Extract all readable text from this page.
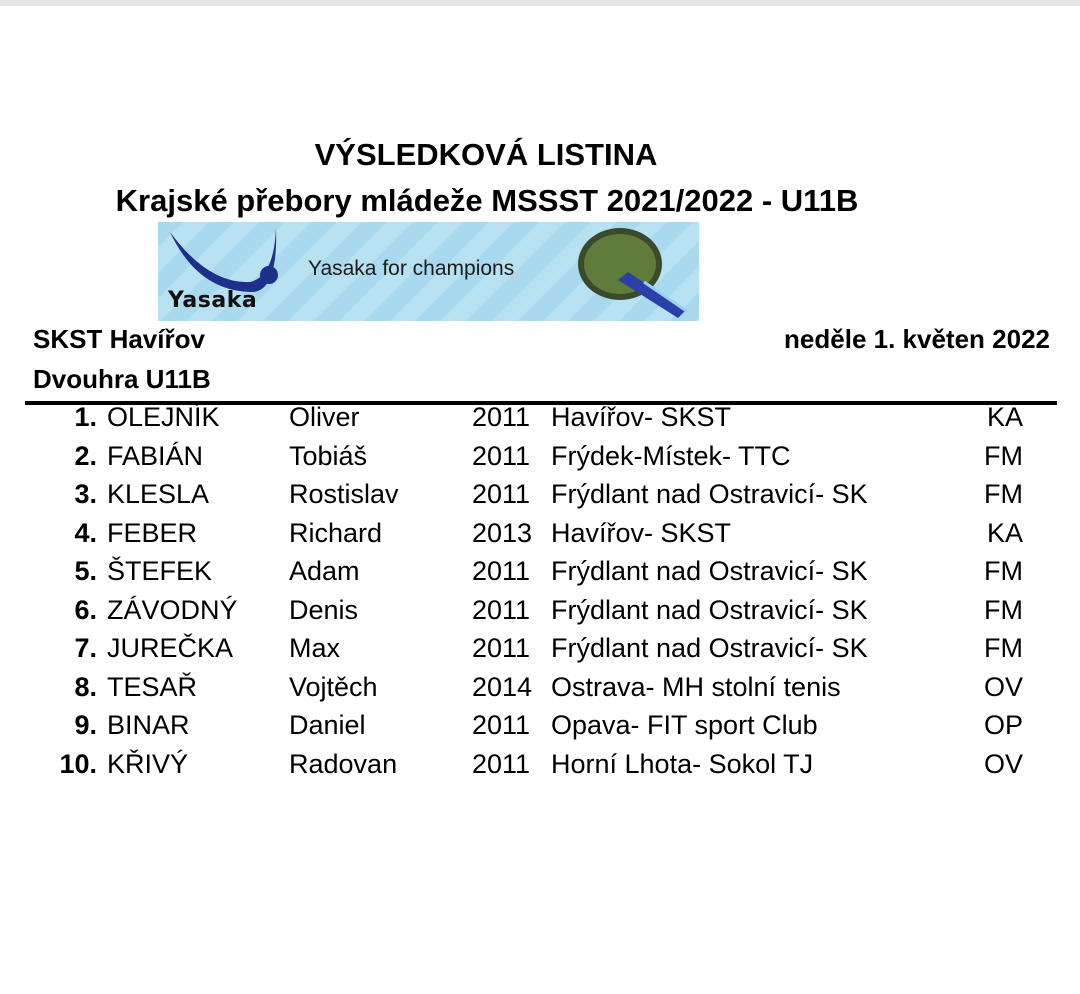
VÝSLEDKOVÁ LISTINA
Krajské přebory mládeže MSSST 2021/2022 - U11B
Yasaka
Yasaka for champions
SKST Havířov
Dvouhra U11B
neděle 1. květen 2022
1. OLEJNÍK	Oliver	2011 Havířov- SKST	KA
2. FABIÁN	Tobiáš	2011 Frýdek-Místek- TTC	FM
3. KLESLA	Rostislav	2011 Frýdlant nad Ostravicí- SK	FM
4. FEBER	Richard	2013 Havířov- SKST	KA
5. ŠTEFEK	Adam	2011 Frýdlant nad Ostravicí- SK	FM
6. ZÁVODNÝ Denis	2011 Frýdlant nad Ostravicí- SK	FM
7. JUREČKA Max	2011 Frýdlant nad Ostravicí- SK	FM
8. TESAŘ	Vojtěch	2014 Ostrava- MH stolní tenis	OV
9. BINAR	Daniel	2011 Opava- FIT sport Club	OP
10. KŘIVÝ	Radovan	2011 Horní Lhota- Sokol TJ	OV
